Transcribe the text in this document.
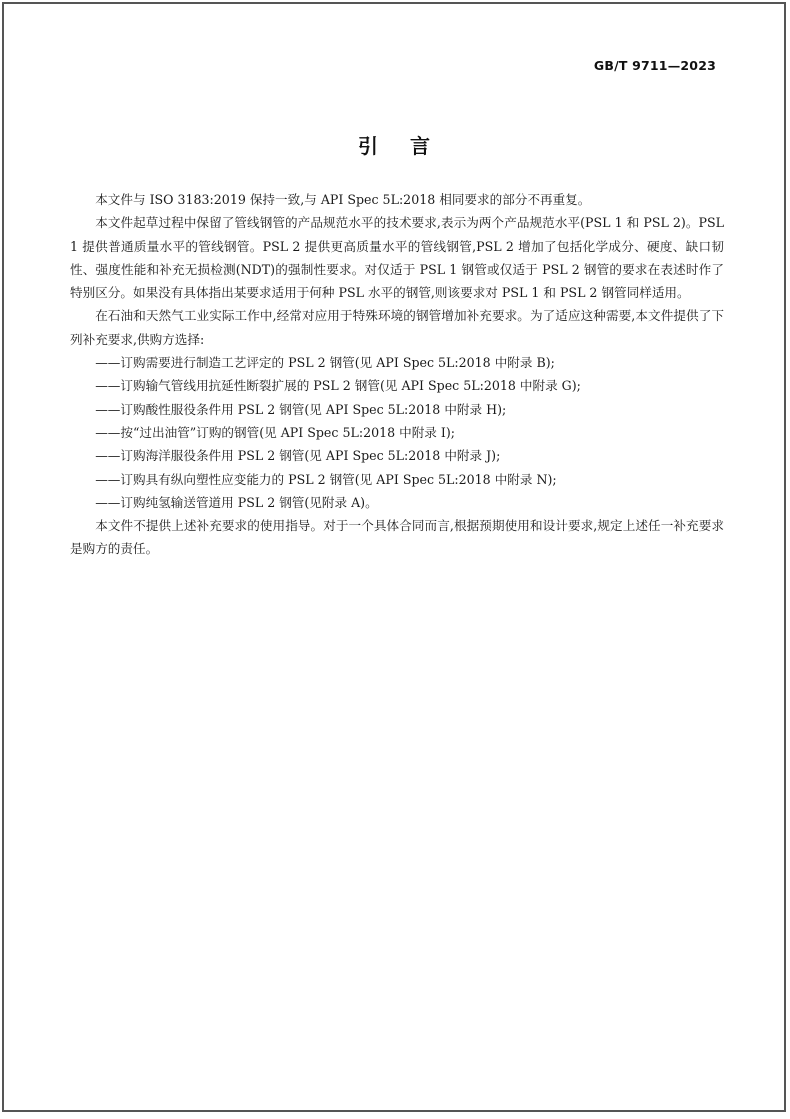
GB/T 9711—2023
引言

本文件与 ISO 3183:2019 保持一致,与 API Spec 5L:2018 相同要求的部分不再重复。

本文件起草过程中保留了管线钢管的产品规范水平的技术要求,表示为两个产品规范水平(PSL 1 和 PSL 2)。PSL 1 提供普通质量水平的管线钢管。PSL 2 提供更高质量水平的管线钢管,PSL 2 增加了包括化学成分、硬度、缺口韧性、强度性能和补充无损检测(NDT)的强制性要求。对仅适于 PSL 1 钢管或仅适于 PSL 2 钢管的要求在表述时作了特别区分。如果没有具体指出某要求适用于何种 PSL 水平的钢管,则该要求对 PSL 1 和 PSL 2 钢管同样适用。

在石油和天然气工业实际工作中,经常对应用于特殊环境的钢管增加补充要求。为了适应这种需要,本文件提供了下列补充要求,供购方选择:

——订购需要进行制造工艺评定的 PSL 2 钢管(见 API Spec 5L:2018 中附录 B);
——订购输气管线用抗延性断裂扩展的 PSL 2 钢管(见 API Spec 5L:2018 中附录 G);
——订购酸性服役条件用 PSL 2 钢管(见 API Spec 5L:2018 中附录 H);
——按“过出油管”订购的钢管(见 API Spec 5L:2018 中附录 I);
——订购海洋服役条件用 PSL 2 钢管(见 API Spec 5L:2018 中附录 J);
——订购具有纵向塑性应变能力的 PSL 2 钢管(见 API Spec 5L:2018 中附录 N);
——订购纯氢输送管道用 PSL 2 钢管(见附录 A)。

本文件不提供上述补充要求的使用指导。对于一个具体合同而言,根据预期使用和设计要求,规定上述任一补充要求是购方的责任。
